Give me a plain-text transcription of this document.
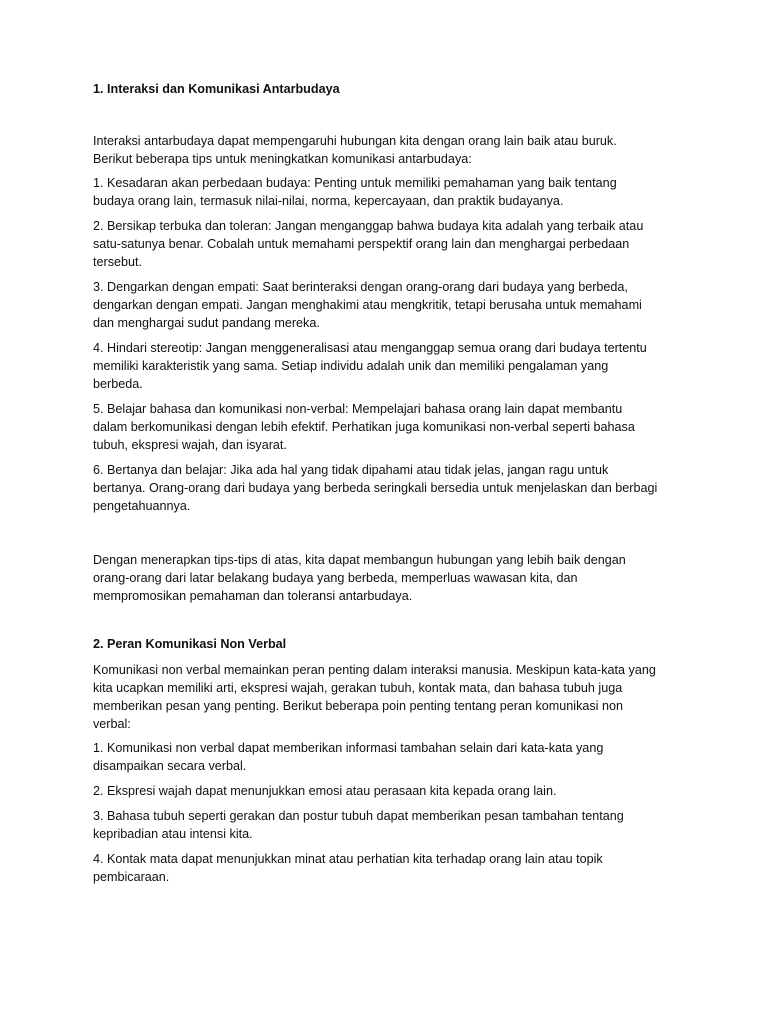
1. Interaksi dan Komunikasi Antarbudaya

Interaksi antarbudaya dapat mempengaruhi hubungan kita dengan orang lain baik atau buruk.
Berikut beberapa tips untuk meningkatkan komunikasi antarbudaya:

1. Kesadaran akan perbedaan budaya: Penting untuk memiliki pemahaman yang baik tentang
budaya orang lain, termasuk nilai-nilai, norma, kepercayaan, dan praktik budayanya.

2. Bersikap terbuka dan toleran: Jangan menganggap bahwa budaya kita adalah yang terbaik atau
satu-satunya benar. Cobalah untuk memahami perspektif orang lain dan menghargai perbedaan
tersebut.

3. Dengarkan dengan empati: Saat berinteraksi dengan orang-orang dari budaya yang berbeda,
dengarkan dengan empati. Jangan menghakimi atau mengkritik, tetapi berusaha untuk memahami
dan menghargai sudut pandang mereka.

4. Hindari stereotip: Jangan menggeneralisasi atau menganggap semua orang dari budaya tertentu
memiliki karakteristik yang sama. Setiap individu adalah unik dan memiliki pengalaman yang
berbeda.

5. Belajar bahasa dan komunikasi non-verbal: Mempelajari bahasa orang lain dapat membantu
dalam berkomunikasi dengan lebih efektif. Perhatikan juga komunikasi non-verbal seperti bahasa
tubuh, ekspresi wajah, dan isyarat.

6. Bertanya dan belajar: Jika ada hal yang tidak dipahami atau tidak jelas, jangan ragu untuk
bertanya. Orang-orang dari budaya yang berbeda seringkali bersedia untuk menjelaskan dan berbagi
pengetahuannya.

Dengan menerapkan tips-tips di atas, kita dapat membangun hubungan yang lebih baik dengan
orang-orang dari latar belakang budaya yang berbeda, memperluas wawasan kita, dan
mempromosikan pemahaman dan toleransi antarbudaya.

2. Peran Komunikasi Non Verbal

Komunikasi non verbal memainkan peran penting dalam interaksi manusia. Meskipun kata-kata yang
kita ucapkan memiliki arti, ekspresi wajah, gerakan tubuh, kontak mata, dan bahasa tubuh juga
memberikan pesan yang penting. Berikut beberapa poin penting tentang peran komunikasi non
verbal:

1. Komunikasi non verbal dapat memberikan informasi tambahan selain dari kata-kata yang
disampaikan secara verbal.

2. Ekspresi wajah dapat menunjukkan emosi atau perasaan kita kepada orang lain.

3. Bahasa tubuh seperti gerakan dan postur tubuh dapat memberikan pesan tambahan tentang
kepribadian atau intensi kita.

4. Kontak mata dapat menunjukkan minat atau perhatian kita terhadap orang lain atau topik
pembicaraan.
